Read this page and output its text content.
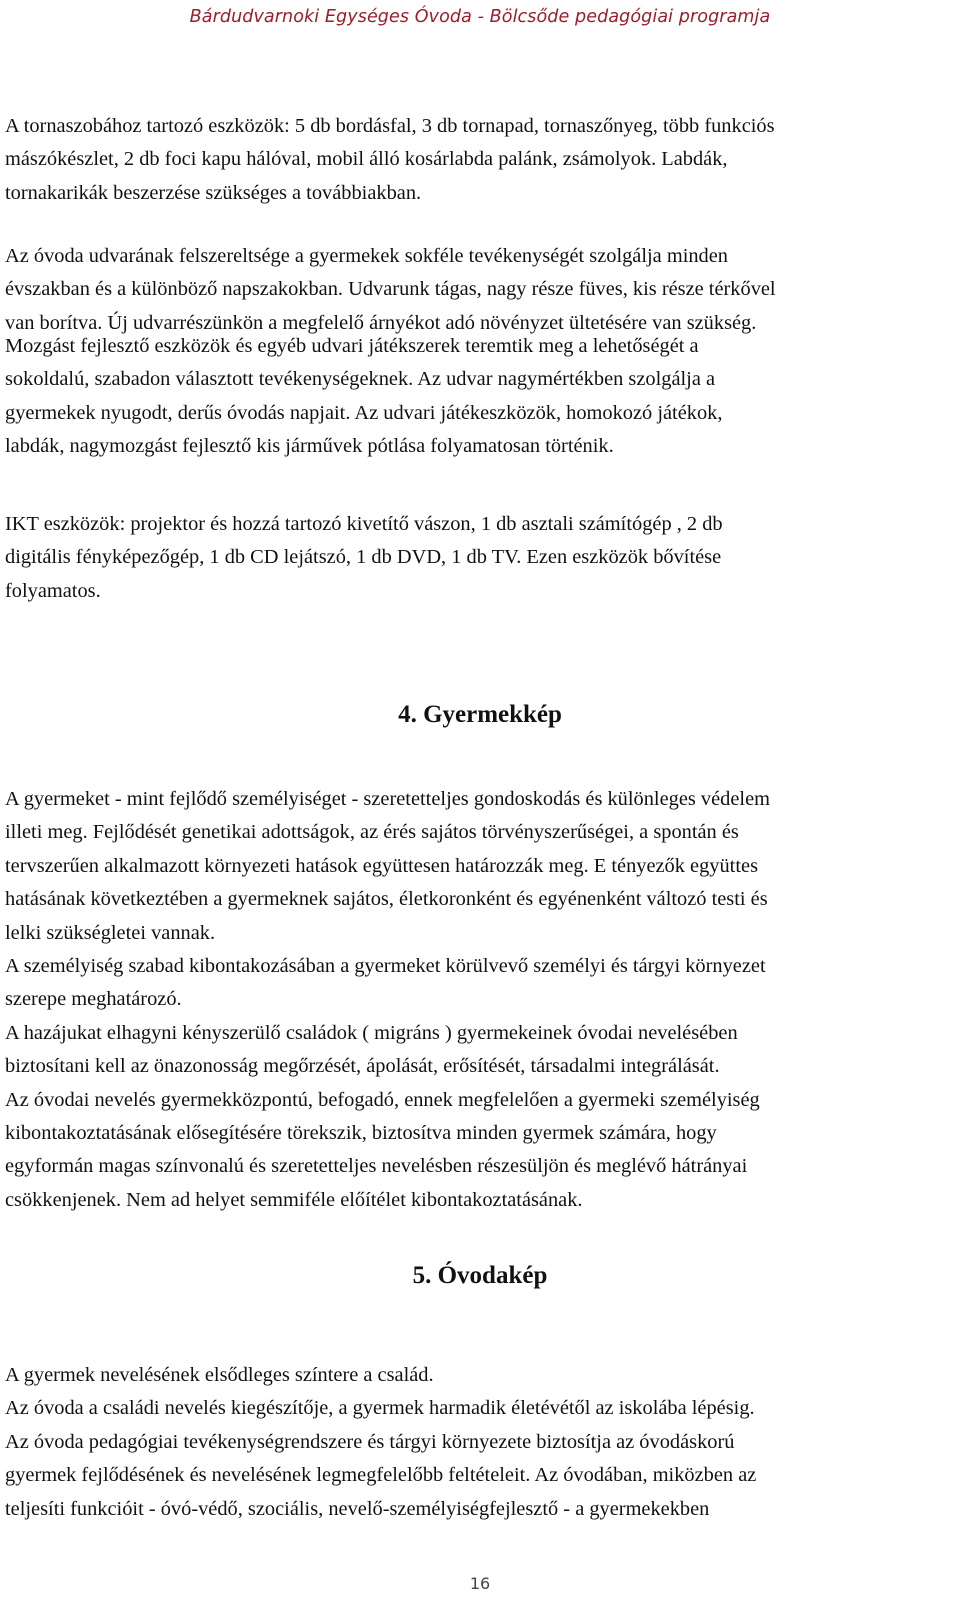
Bárdudvarnoki Egységes Óvoda - Bölcsőde pedagógiai programja
A tornaszobához tartozó eszközök: 5 db bordásfal, 3 db tornapad, tornaszőnyeg, több funkciós
mászókészlet, 2 db foci kapu hálóval, mobil álló kosárlabda palánk, zsámolyok. Labdák,
tornakarikák beszerzése szükséges a továbbiakban.
Az óvoda udvarának felszereltsége a gyermekek sokféle tevékenységét szolgálja minden
évszakban és a különböző napszakokban. Udvarunk tágas, nagy része füves, kis része térkővel
van borítva. Új udvarrészünkön a megfelelő árnyékot adó növényzet ültetésére van szükség.
Mozgást fejlesztő eszközök és egyéb udvari játékszerek teremtik meg a lehetőségét a
sokoldalú, szabadon választott tevékenységeknek. Az udvar nagymértékben szolgálja a
gyermekek nyugodt, derűs óvodás napjait. Az udvari játékeszközök, homokozó játékok,
labdák, nagymozgást fejlesztő kis járművek pótlása folyamatosan történik.
IKT eszközök: projektor és hozzá tartozó kivetítő vászon, 1 db asztali számítógép , 2 db
digitális fényképezőgép, 1 db CD lejátszó, 1 db DVD, 1 db TV. Ezen eszközök bővítése
folyamatos.
4. Gyermekkép
A gyermeket - mint fejlődő személyiséget - szeretetteljes gondoskodás és különleges védelem
illeti meg. Fejlődését genetikai adottságok, az érés sajátos törvényszerűségei, a spontán és
tervszerűen alkalmazott környezeti hatások együttesen határozzák meg. E tényezők együttes
hatásának következtében a gyermeknek sajátos, életkoronként és egyénenként változó testi és
lelki szükségletei vannak.
A személyiség szabad kibontakozásában a gyermeket körülvevő személyi és tárgyi környezet
szerepe meghatározó.
A hazájukat elhagyni kényszerülő családok ( migráns ) gyermekeinek óvodai nevelésében
biztosítani kell az önazonosság megőrzését, ápolását, erősítését, társadalmi integrálását.
Az óvodai nevelés gyermekközpontú, befogadó, ennek megfelelően a gyermeki személyiség
kibontakoztatásának elősegítésére törekszik, biztosítva minden gyermek számára, hogy
egyformán magas színvonalú és szeretetteljes nevelésben részesüljön és meglévő hátrányai
csökkenjenek. Nem ad helyet semmiféle előítélet kibontakoztatásának.
5. Óvodakép
A gyermek nevelésének elsődleges színtere a család.
Az óvoda a családi nevelés kiegészítője, a gyermek harmadik életévétől az iskolába lépésig.
Az óvoda pedagógiai tevékenységrendszere és tárgyi környezete biztosítja az óvodáskorú
gyermek fejlődésének és nevelésének legmegfelelőbb feltételeit. Az óvodában, miközben az
teljesíti funkcióit - óvó-védő, szociális, nevelő-személyiségfejlesztő - a gyermekekben
16
